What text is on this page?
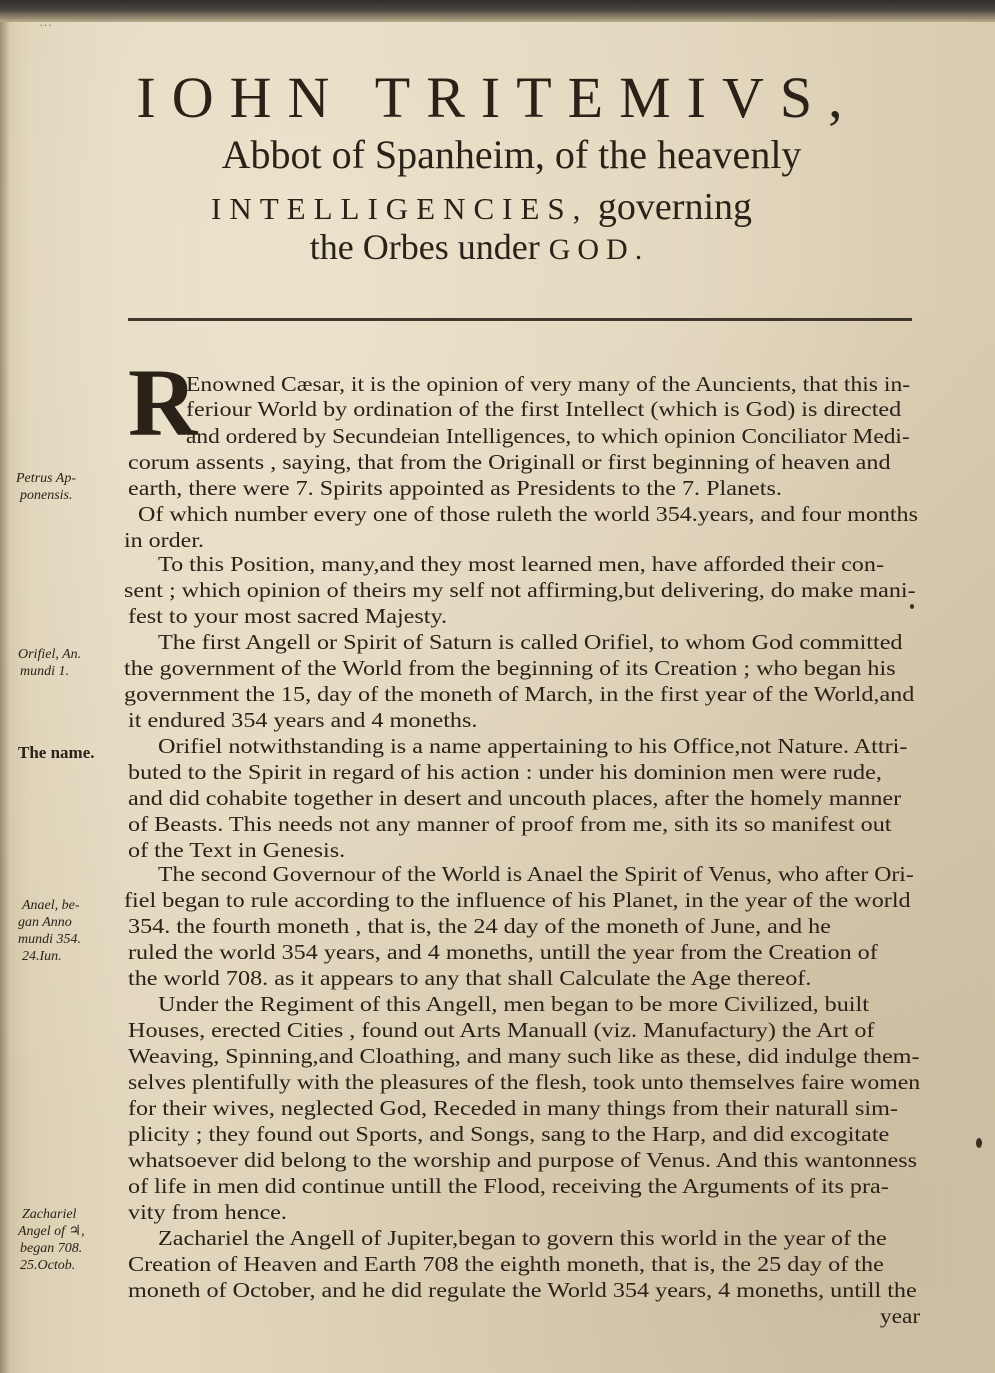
...
IOHN TRITEMIVS,
Abbot of Spanheim, of the heavenly
INTELLIGENCIES, governing
the Orbes under GOD.
R
Enowned Cæsar, it is the opinion of very many of the Auncients, that this in-
feriour World by ordination of the first Intellect (which is God) is directed
and ordered by Secundeian Intelligences, to which opinion Conciliator Medi-
corum assents , saying, that from the Originall or first beginning of heaven and
earth, there were 7. Spirits appointed as Presidents to the 7. Planets.
Of which number every one of those ruleth the world 354.years, and four months
in order.
To this Position, many,and they most learned men, have afforded their con-
sent ; which opinion of theirs my self not affirming,but delivering, do make mani-
fest to your most sacred Majesty.
The first Angell or Spirit of Saturn is called Orifiel, to whom God committed
the government of the World from the beginning of its Creation ; who began his
government the 15, day of the moneth of March, in the first year of the World,and
it endured 354 years and 4 moneths.
Orifiel notwithstanding is a name appertaining to his Office,not Nature. Attri-
buted to the Spirit in regard of his action : under his dominion men were rude,
and did cohabite together in desert and uncouth places, after the homely manner
of Beasts. This needs not any manner of proof from me, sith its so manifest out
of the Text in Genesis.
The second Governour of the World is Anael the Spirit of Venus, who after Ori-
fiel began to rule according to the influence of his Planet, in the year of the world
354. the fourth moneth , that is, the 24 day of the moneth of June, and he
ruled the world 354 years, and 4 moneths, untill the year from the Creation of
the world 708. as it appears to any that shall Calculate the Age thereof.
Under the Regiment of this Angell, men began to be more Civilized, built
Houses, erected Cities , found out Arts Manuall (viz. Manufactury) the Art of
Weaving, Spinning,and Cloathing, and many such like as these, did indulge them-
selves plentifully with the pleasures of the flesh, took unto themselves faire women
for their wives, neglected God, Receded in many things from their naturall sim-
plicity ; they found out Sports, and Songs, sang to the Harp, and did excogitate
whatsoever did belong to the worship and purpose of Venus. And this wantonness
of life in men did continue untill the Flood, receiving the Arguments of its pra-
vity from hence.
Zachariel the Angell of Jupiter,began to govern this world in the year of the
Creation of Heaven and Earth 708 the eighth moneth, that is, the 25 day of the
moneth of October, and he did regulate the World 354 years, 4 moneths, untill the
year
Petrus Ap-
ponensis.
Orifiel, An.
mundi 1.
The name.
Anael, be-
gan Anno
mundi 354.
24.Iun.
Zachariel
Angel of ♃,
began 708.
25.Octob.
